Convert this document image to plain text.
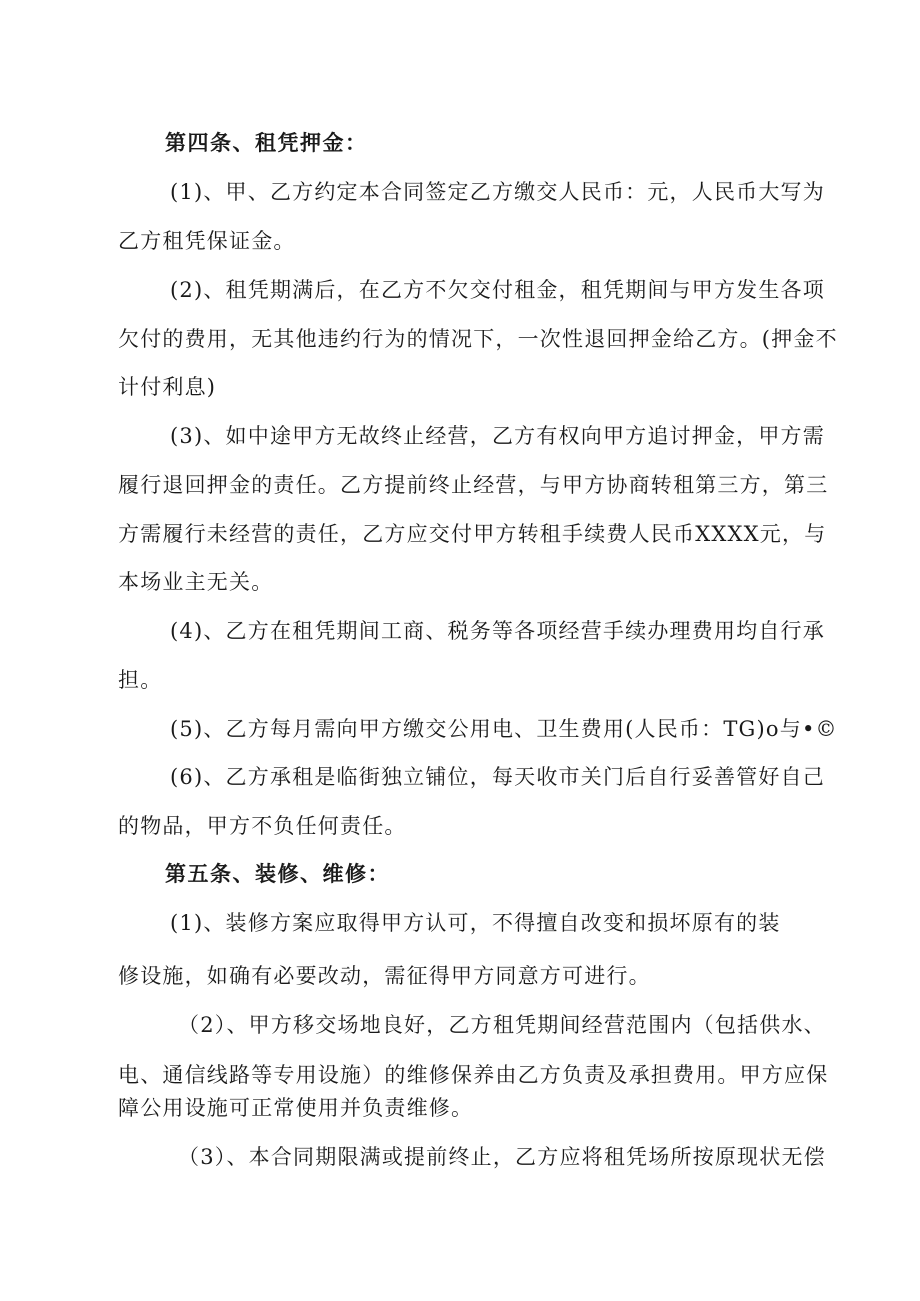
第四条、租凭押金：
(1)、甲、乙方约定本合同签定乙方缴交人民币：元，人民币大写为
乙方租凭保证金。
(2)、租凭期满后，在乙方不欠交付租金，租凭期间与甲方发生各项
欠付的费用，无其他违约行为的情况下，一次性退回押金给乙方。(押金不
计付利息)
(3)、如中途甲方无故终止经营，乙方有权向甲方追讨押金，甲方需
履行退回押金的责任。乙方提前终止经营，与甲方协商转租第三方，第三
方需履行未经营的责任，乙方应交付甲方转租手续费人民币XXXX元，与
本场业主无关。
(4)、乙方在租凭期间工商、税务等各项经营手续办理费用均自行承
担。
(5)、乙方每月需向甲方缴交公用电、卫生费用(人民币：TG)o与•©
(6)、乙方承租是临街独立铺位，每天收市关门后自行妥善管好自己
的物品，甲方不负任何责任。
第五条、装修、维修：
(1)、装修方案应取得甲方认可，不得擅自改变和损坏原有的装
修设施，如确有必要改动，需征得甲方同意方可进行。
（2）、甲方移交场地良好，乙方租凭期间经营范围内（包括供水、
电、通信线路等专用设施）的维修保养由乙方负责及承担费用。甲方应保
障公用设施可正常使用并负责维修。
（3）、本合同期限满或提前终止，乙方应将租凭场所按原现状无偿
